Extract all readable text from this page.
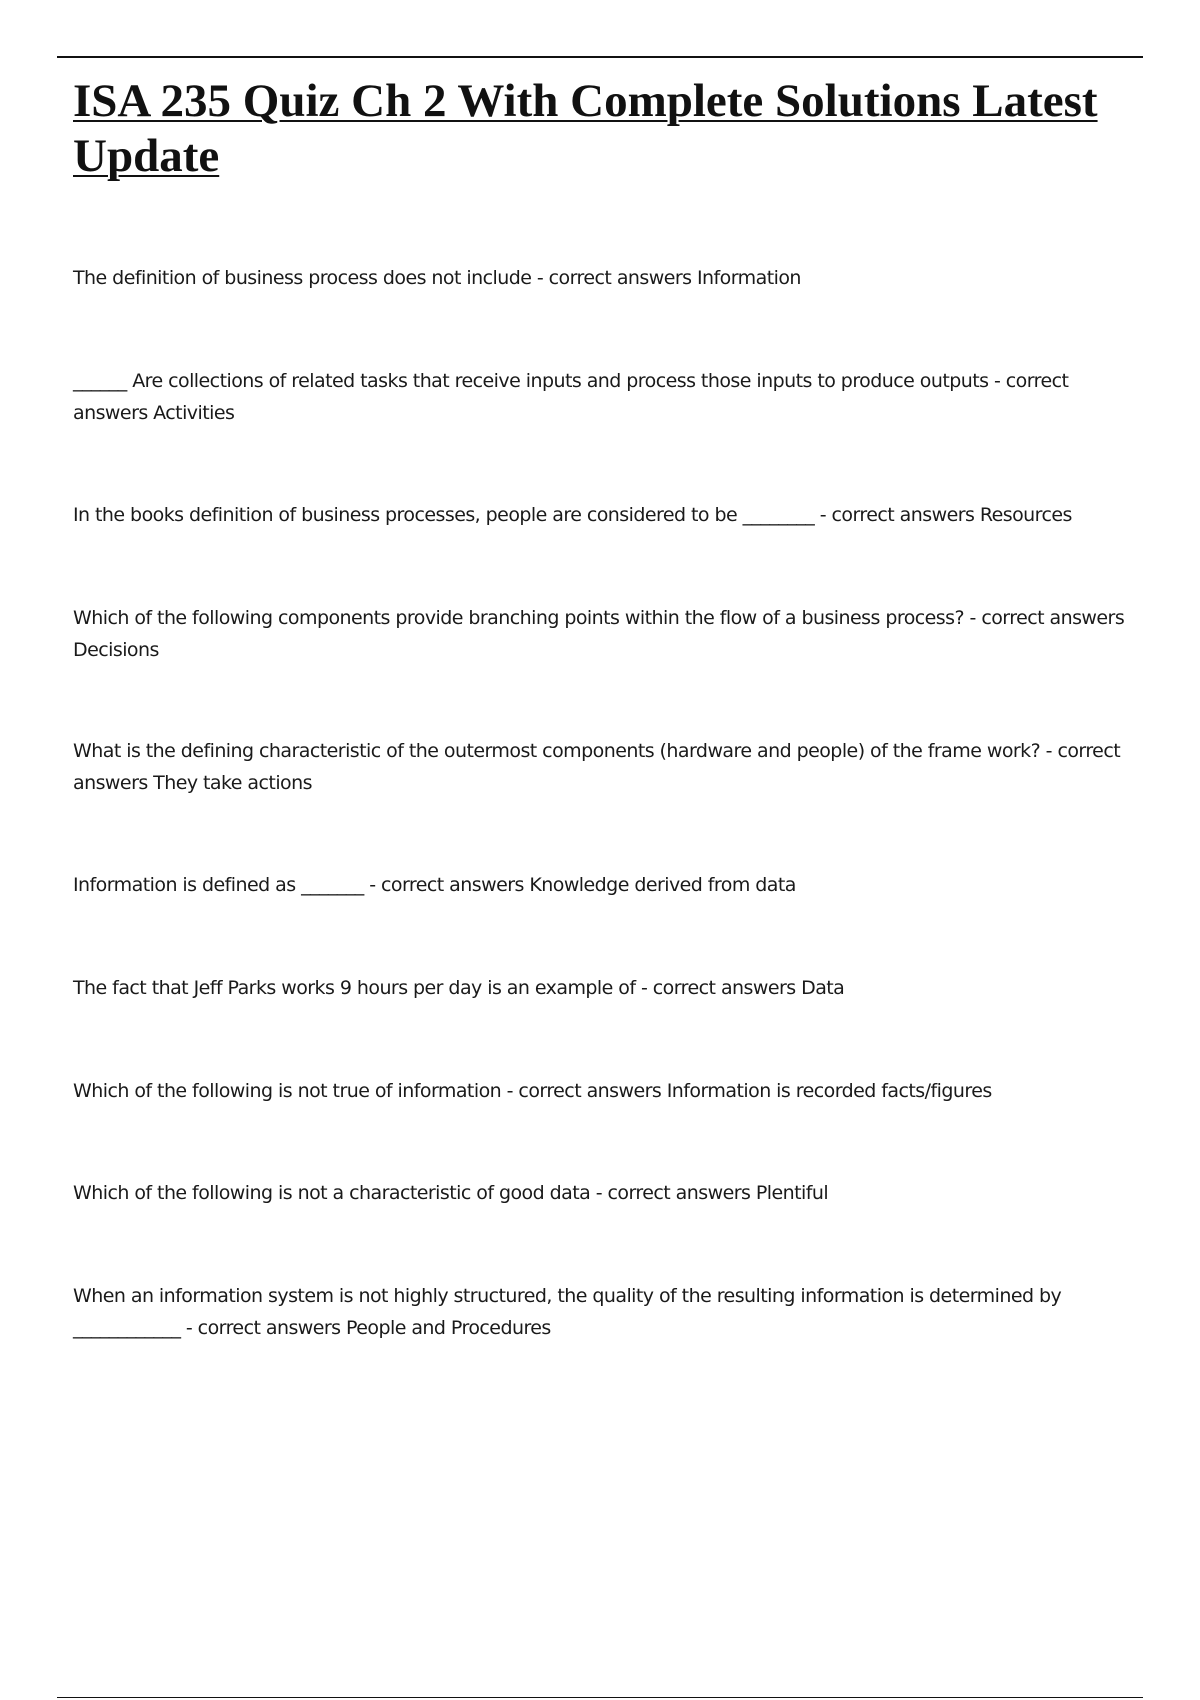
ISA 235 Quiz Ch 2 With Complete Solutions Latest Update

The definition of business process does not include - correct answers Information

______ Are collections of related tasks that receive inputs and process those inputs to produce outputs - correct answers Activities

In the books definition of business processes, people are considered to be ________ - correct answers Resources

Which of the following components provide branching points within the flow of a business process? - correct answers Decisions

What is the defining characteristic of the outermost components (hardware and people) of the frame work? - correct answers They take actions

Information is defined as _______ - correct answers Knowledge derived from data

The fact that Jeff Parks works 9 hours per day is an example of - correct answers Data

Which of the following is not true of information - correct answers Information is recorded facts/figures

Which of the following is not a characteristic of good data - correct answers Plentiful

When an information system is not highly structured, the quality of the resulting information is determined by ____________ - correct answers People and Procedures
